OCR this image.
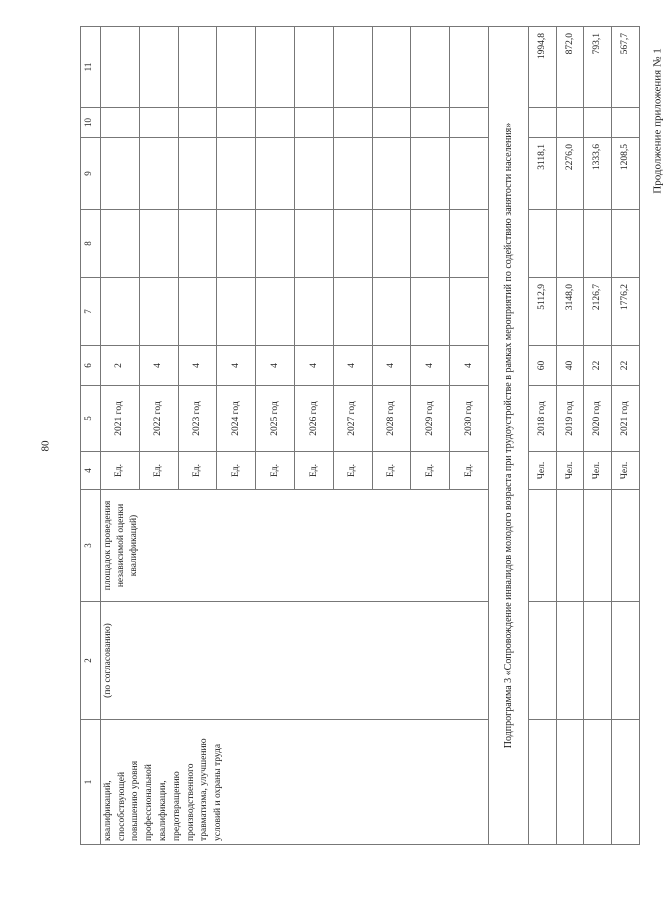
80
Продолжение приложения № 1
1	2	3	4	5	6	7	8	9	10	11
квалификаций, способствующей повышению уровня профессиональной квалификации, предотвращению производственного травматизма, улучшению условий и охраны труда	(по согласованию)	площадок проведения независимой оценки квалификаций)	Ед.	2021 год	2					
			Ед.	2022 год	4					
			Ед.	2023 год	4					
			Ед.	2024 год	4					
			Ед.	2025 год	4					
			Ед.	2026 год	4					
			Ед.	2027 год	4					
			Ед.	2028 год	4					
			Ед.	2029 год	4					
			Ед.	2030 год	4					
Подпрограмма 3 «Сопровождение инвалидов молодого возраста при трудоустройстве в рамках мероприятий по содействию занятости населения»										
			Чел.	2018 год	60	5112,9		3118,1		1994,8
			Чел.	2019 год	40	3148,0		2276,0		872,0
			Чел.	2020 год	22	2126,7		1333,6		793,1
			Чел.	2021 год	22	1776,2		1208,5		567,7
